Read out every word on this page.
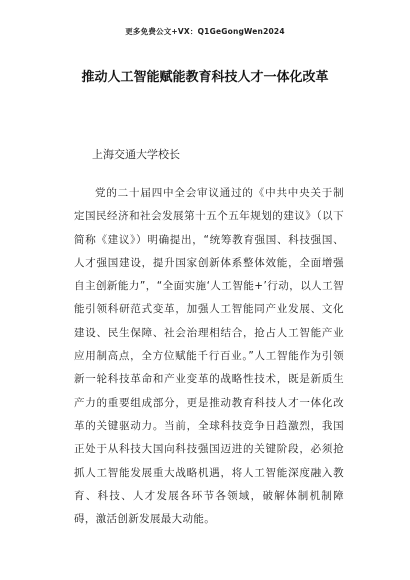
更多免费公文+VX：Q1GeGongWen2024
推动人工智能赋能教育科技人才一体化改革
上海交通大学校长

党的二十届四中全会审议通过的《中共中央关于制定国民经济和社会发展第十五个五年规划的建议》（以下简称《建议》）明确提出，“统筹教育强国、科技强国、人才强国建设，提升国家创新体系整体效能，全面增强自主创新能力”，“全面实施‘人工智能+’行动，以人工智能引领科研范式变革，加强人工智能同产业发展、文化建设、民生保障、社会治理相结合，抢占人工智能产业应用制高点，全方位赋能千行百业。”人工智能作为引领新一轮科技革命和产业变革的战略性技术，既是新质生产力的重要组成部分，更是推动教育科技人才一体化改革的关键驱动力。当前，全球科技竞争日趋激烈，我国正处于从科技大国向科技强国迈进的关键阶段，必须抢抓人工智能发展重大战略机遇，将人工智能深度融入教育、科技、人才发展各环节各领域，破解体制机制障碍，激活创新发展最大动能。
